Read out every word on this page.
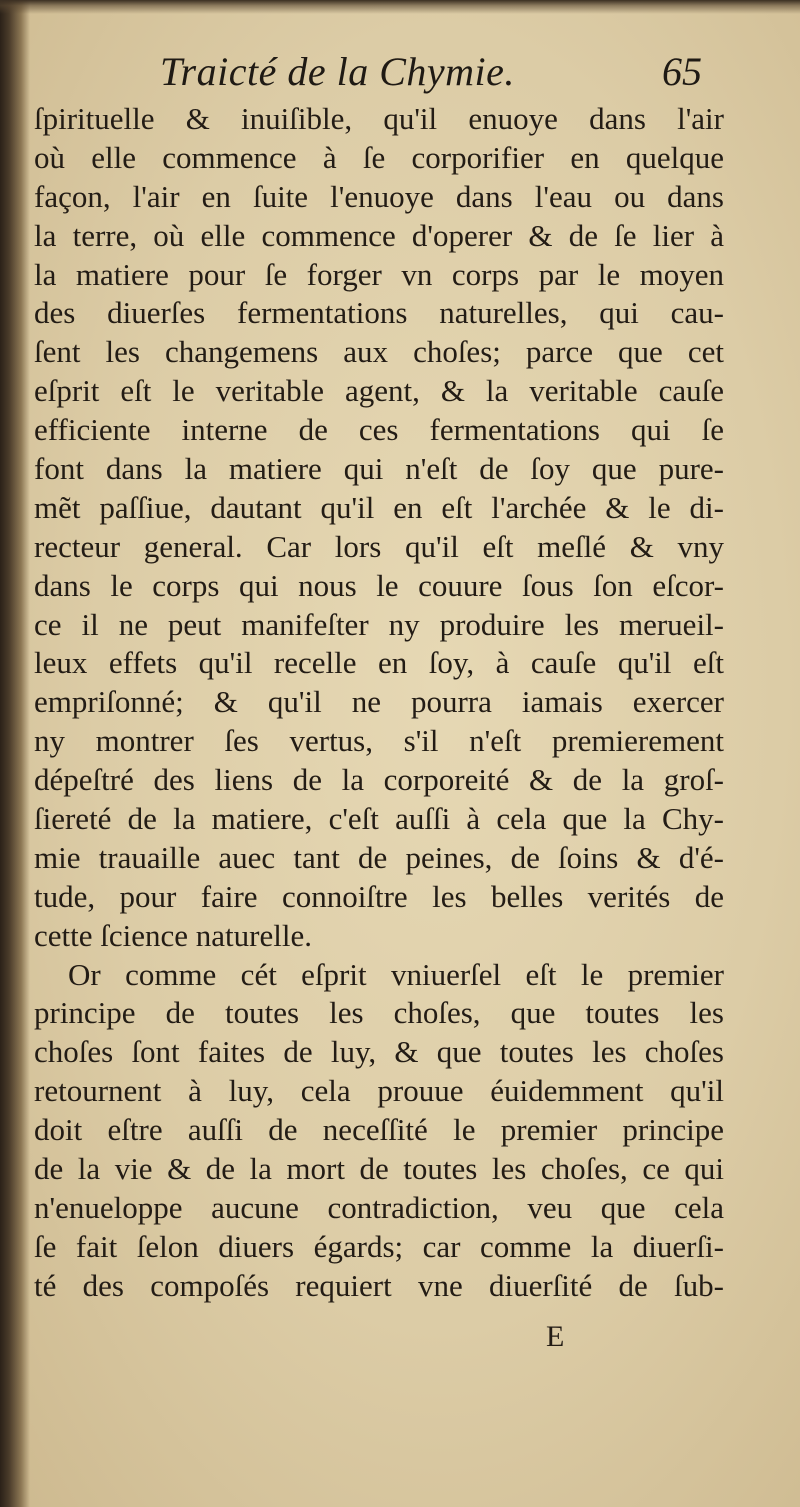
Traicté de la Chymie.	65
ſpirituelle & inuiſible, qu'il enuoye dans l'air
où elle commence à ſe corporifier en quelque
façon, l'air en ſuite l'enuoye dans l'eau ou dans
la terre, où elle commence d'operer & de ſe lier à
la matiere pour ſe forger vn corps par le moyen
des diuerſes fermentations naturelles, qui cau-
ſent les changemens aux choſes; parce que cet
eſprit eſt le veritable agent, & la veritable cauſe
efficiente interne de ces fermentations qui ſe
font dans la matiere qui n'eſt de ſoy que pure-
mẽt paſſiue, dautant qu'il en eſt l'archée & le di-
recteur general. Car lors qu'il eſt meſlé & vny
dans le corps qui nous le couure ſous ſon eſcor-
ce il ne peut manifeſter ny produire les merueil-
leux effets qu'il recelle en ſoy, à cauſe qu'il eſt
empriſonné; & qu'il ne pourra iamais exercer
ny montrer ſes vertus, s'il n'eſt premierement
dépeſtré des liens de la corporeité & de la groſ-
ſiereté de la matiere, c'eſt auſſi à cela que la Chy-
mie trauaille auec tant de peines, de ſoins & d'é-
tude, pour faire connoiſtre les belles verités de
cette ſcience naturelle.
Or comme cét eſprit vniuerſel eſt le premier
principe de toutes les choſes, que toutes les
choſes ſont faites de luy, & que toutes les choſes
retournent à luy, cela prouue éuidemment qu'il
doit eſtre auſſi de neceſſité le premier principe
de la vie & de la mort de toutes les choſes, ce qui
n'enueloppe aucune contradiction, veu que cela
ſe fait ſelon diuers égards; car comme la diuerſi-
té des compoſés requiert vne diuerſité de ſub-
E
